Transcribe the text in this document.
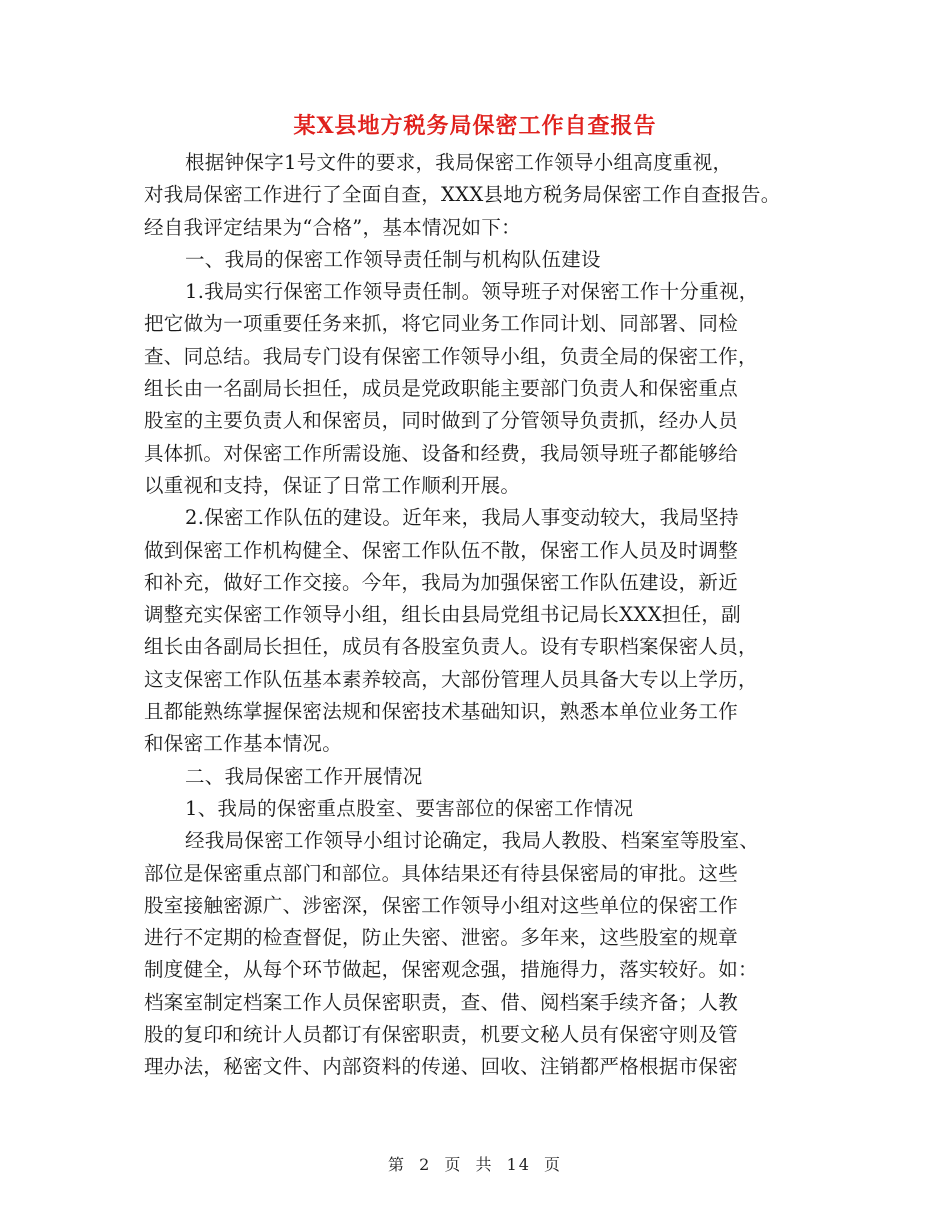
某X县地方税务局保密工作自查报告
根据钟保字1号文件的要求，我局保密工作领导小组高度重视，
对我局保密工作进行了全面自查，XXX县地方税务局保密工作自查报告。
经自我评定结果为“合格”，基本情况如下：
一、我局的保密工作领导责任制与机构队伍建设
1.我局实行保密工作领导责任制。领导班子对保密工作十分重视，
把它做为一项重要任务来抓，将它同业务工作同计划、同部署、同检
查、同总结。我局专门设有保密工作领导小组，负责全局的保密工作，
组长由一名副局长担任，成员是党政职能主要部门负责人和保密重点
股室的主要负责人和保密员，同时做到了分管领导负责抓，经办人员
具体抓。对保密工作所需设施、设备和经费，我局领导班子都能够给
以重视和支持，保证了日常工作顺利开展。
2.保密工作队伍的建设。近年来，我局人事变动较大，我局坚持
做到保密工作机构健全、保密工作队伍不散，保密工作人员及时调整
和补充，做好工作交接。今年，我局为加强保密工作队伍建设，新近
调整充实保密工作领导小组，组长由县局党组书记局长XXX担任，副
组长由各副局长担任，成员有各股室负责人。设有专职档案保密人员，
这支保密工作队伍基本素养较高，大部份管理人员具备大专以上学历，
且都能熟练掌握保密法规和保密技术基础知识，熟悉本单位业务工作
和保密工作基本情况。
二、我局保密工作开展情况
1、我局的保密重点股室、要害部位的保密工作情况
经我局保密工作领导小组讨论确定，我局人教股、档案室等股室、
部位是保密重点部门和部位。具体结果还有待县保密局的审批。这些
股室接触密源广、涉密深，保密工作领导小组对这些单位的保密工作
进行不定期的检查督促，防止失密、泄密。多年来，这些股室的规章
制度健全，从每个环节做起，保密观念强，措施得力，落实较好。如：
档案室制定档案工作人员保密职责，查、借、阅档案手续齐备；人教
股的复印和统计人员都订有保密职责，机要文秘人员有保密守则及管
理办法，秘密文件、内部资料的传递、回收、注销都严格根据市保密
第 2 页 共 14 页
